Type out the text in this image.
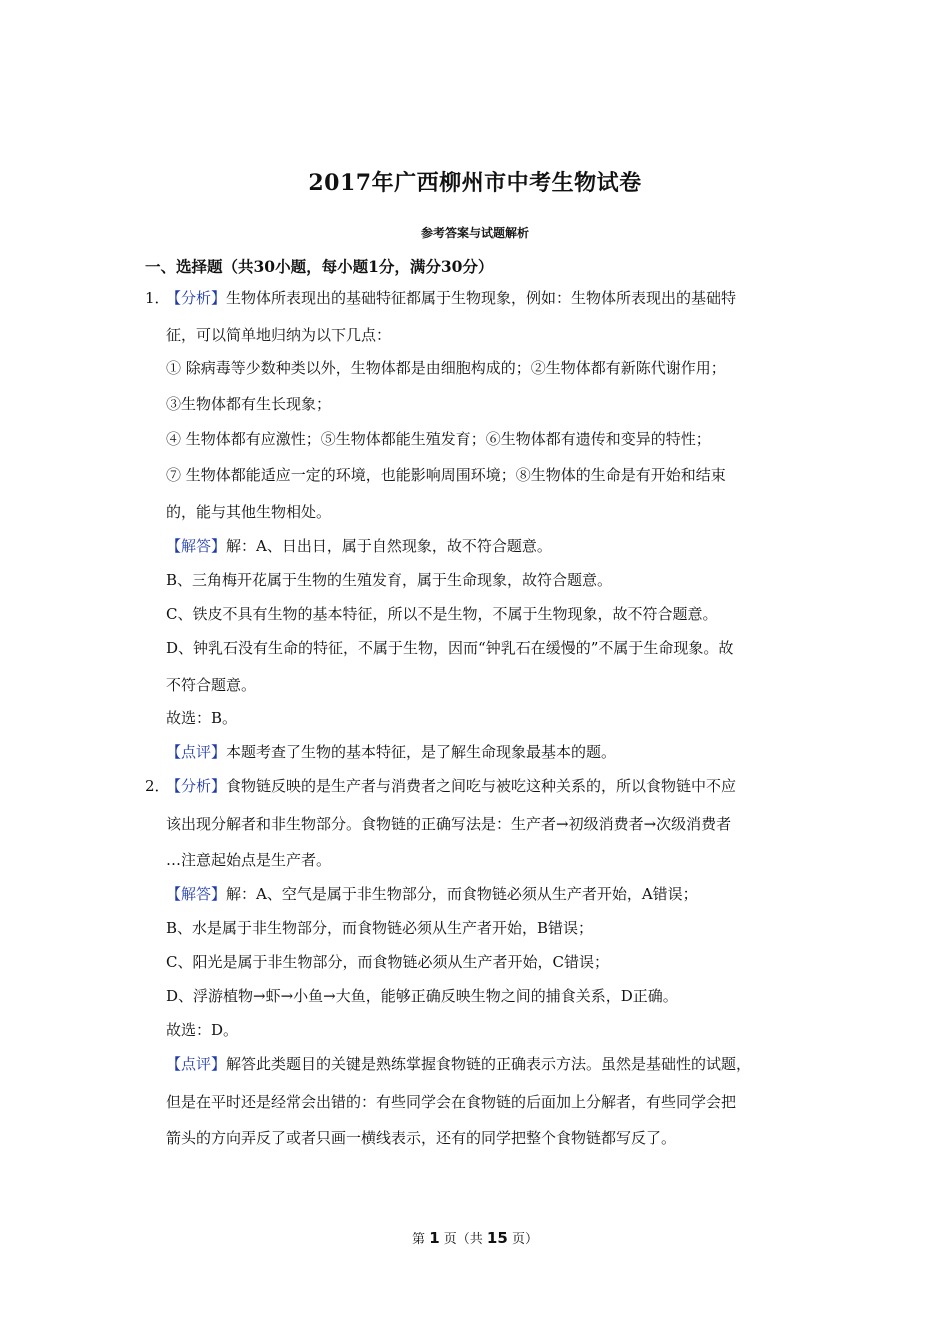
2017年广西柳州市中考生物试卷
参考答案与试题解析
一、选择题（共30小题，每小题1分，满分30分）
1．
【分析】生物体所表现出的基础特征都属于生物现象，例如：生物体所表现出的基础特
征，可以简单地归纳为以下几点：
① 除病毒等少数种类以外，生物体都是由细胞构成的；②生物体都有新陈代谢作用；
③生物体都有生长现象；
④ 生物体都有应激性；⑤生物体都能生殖发育；⑥生物体都有遗传和变异的特性；
⑦ 生物体都能适应一定的环境，也能影响周围环境；⑧生物体的生命是有开始和结束
的，能与其他生物相处。
【解答】解：A、日出日，属于自然现象，故不符合题意。
B、三角梅开花属于生物的生殖发育，属于生命现象，故符合题意。
C、铁皮不具有生物的基本特征，所以不是生物，不属于生物现象，故不符合题意。
D、钟乳石没有生命的特征，不属于生物，因而“钟乳石在缓慢的”不属于生命现象。故
不符合题意。
故选：B。
【点评】本题考查了生物的基本特征，是了解生命现象最基本的题。
2．
【分析】食物链反映的是生产者与消费者之间吃与被吃这种关系的，所以食物链中不应
该出现分解者和非生物部分。食物链的正确写法是：生产者→初级消费者→次级消费者
…注意起始点是生产者。
【解答】解：A、空气是属于非生物部分，而食物链必须从生产者开始，A错误；
B、水是属于非生物部分，而食物链必须从生产者开始，B错误；
C、阳光是属于非生物部分，而食物链必须从生产者开始，C错误；
D、浮游植物→虾→小鱼→大鱼，能够正确反映生物之间的捕食关系，D正确。
故选：D。
【点评】解答此类题目的关键是熟练掌握食物链的正确表示方法。虽然是基础性的试题，
但是在平时还是经常会出错的：有些同学会在食物链的后面加上分解者，有些同学会把
箭头的方向弄反了或者只画一横线表示，还有的同学把整个食物链都写反了。
第 1 页（共 15 页）
